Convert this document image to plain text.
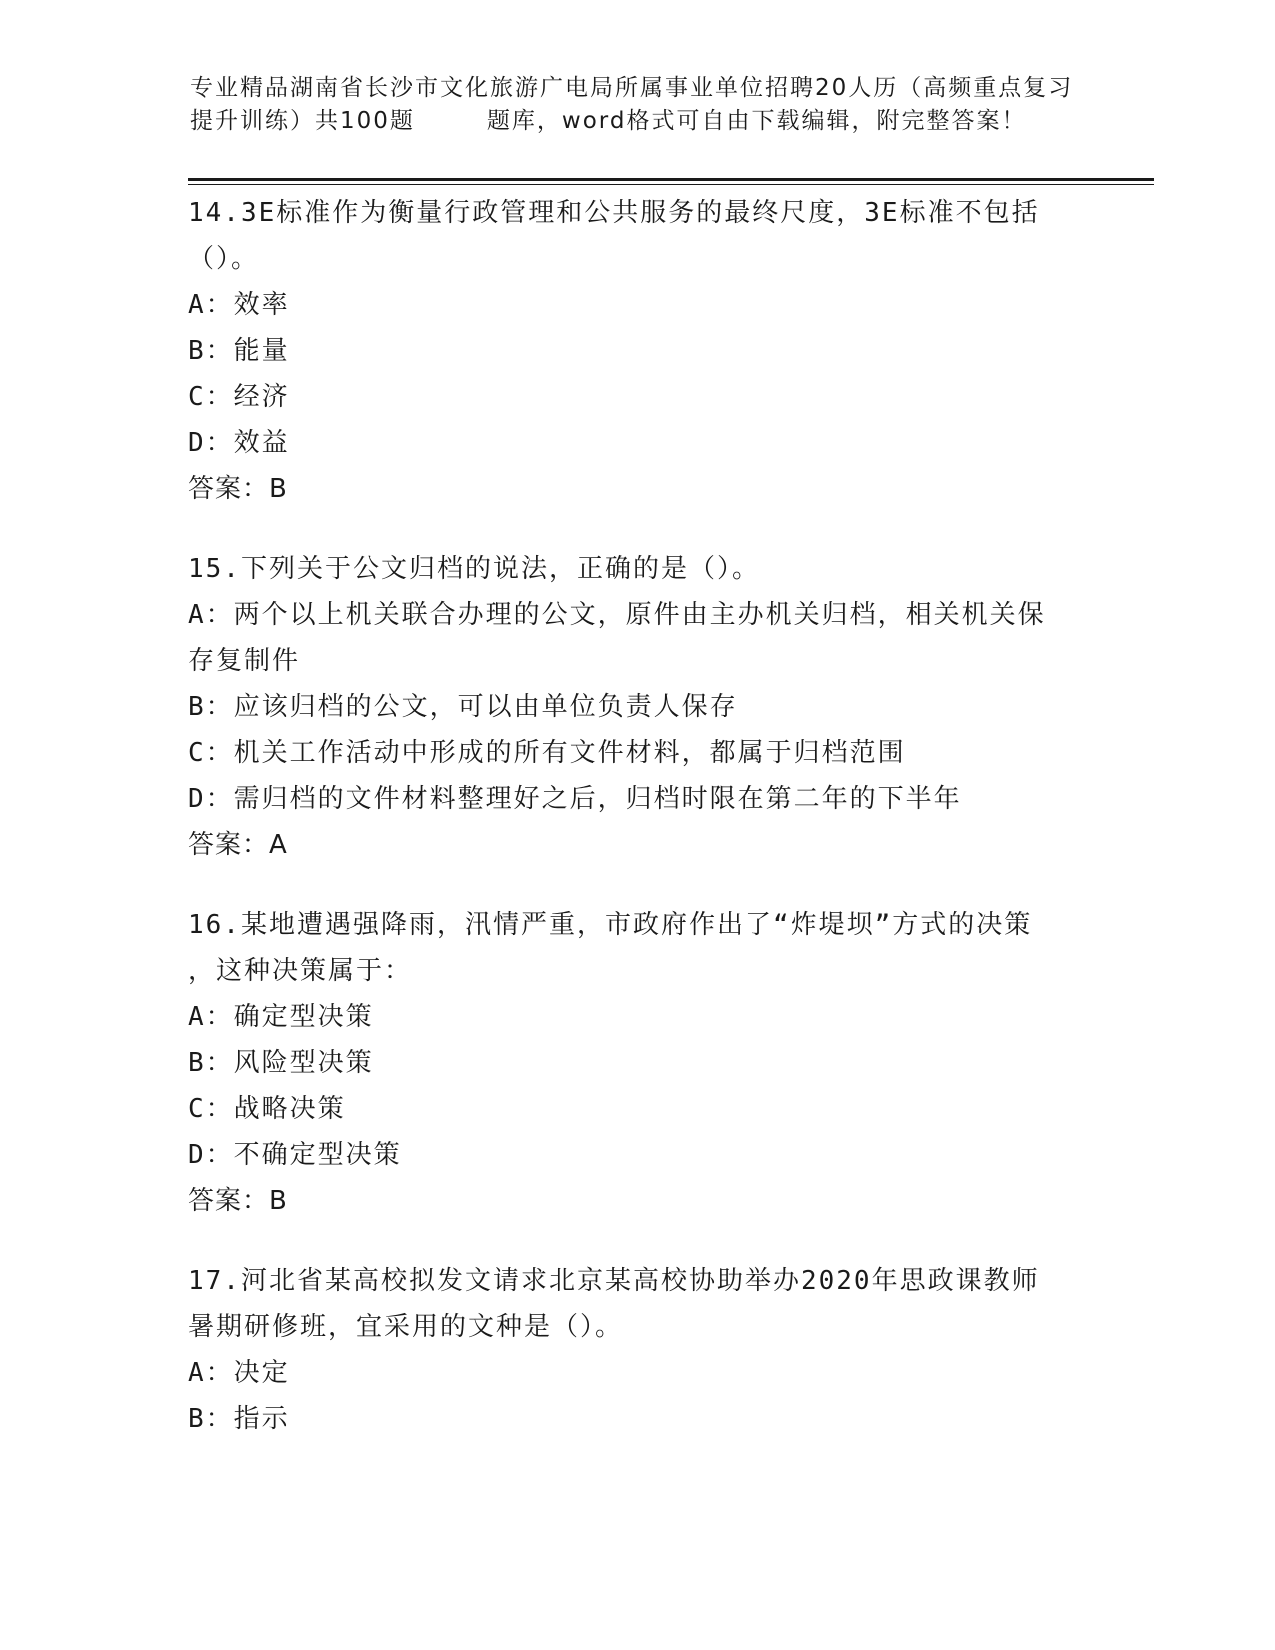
专业精品湖南省长沙市文化旅游广电局所属事业单位招聘20人历（高频重点复习
提升训练）共100题	题库，word格式可自由下载编辑，附完整答案！
14.3E标准作为衡量行政管理和公共服务的最终尺度，3E标准不包括
（）。
A：效率
B：能量
C：经济
D：效益
答案：B
15.下列关于公文归档的说法，正确的是（）。
A：两个以上机关联合办理的公文，原件由主办机关归档，相关机关保
存复制件
B：应该归档的公文，可以由单位负责人保存
C：机关工作活动中形成的所有文件材料，都属于归档范围
D：需归档的文件材料整理好之后，归档时限在第二年的下半年
答案：A
16.某地遭遇强降雨，汛情严重，市政府作出了“炸堤坝”方式的决策
，这种决策属于：
A：确定型决策
B：风险型决策
C：战略决策
D：不确定型决策
答案：B
17.河北省某高校拟发文请求北京某高校协助举办2020年思政课教师
暑期研修班，宜采用的文种是（）。
A：决定
B：指示
